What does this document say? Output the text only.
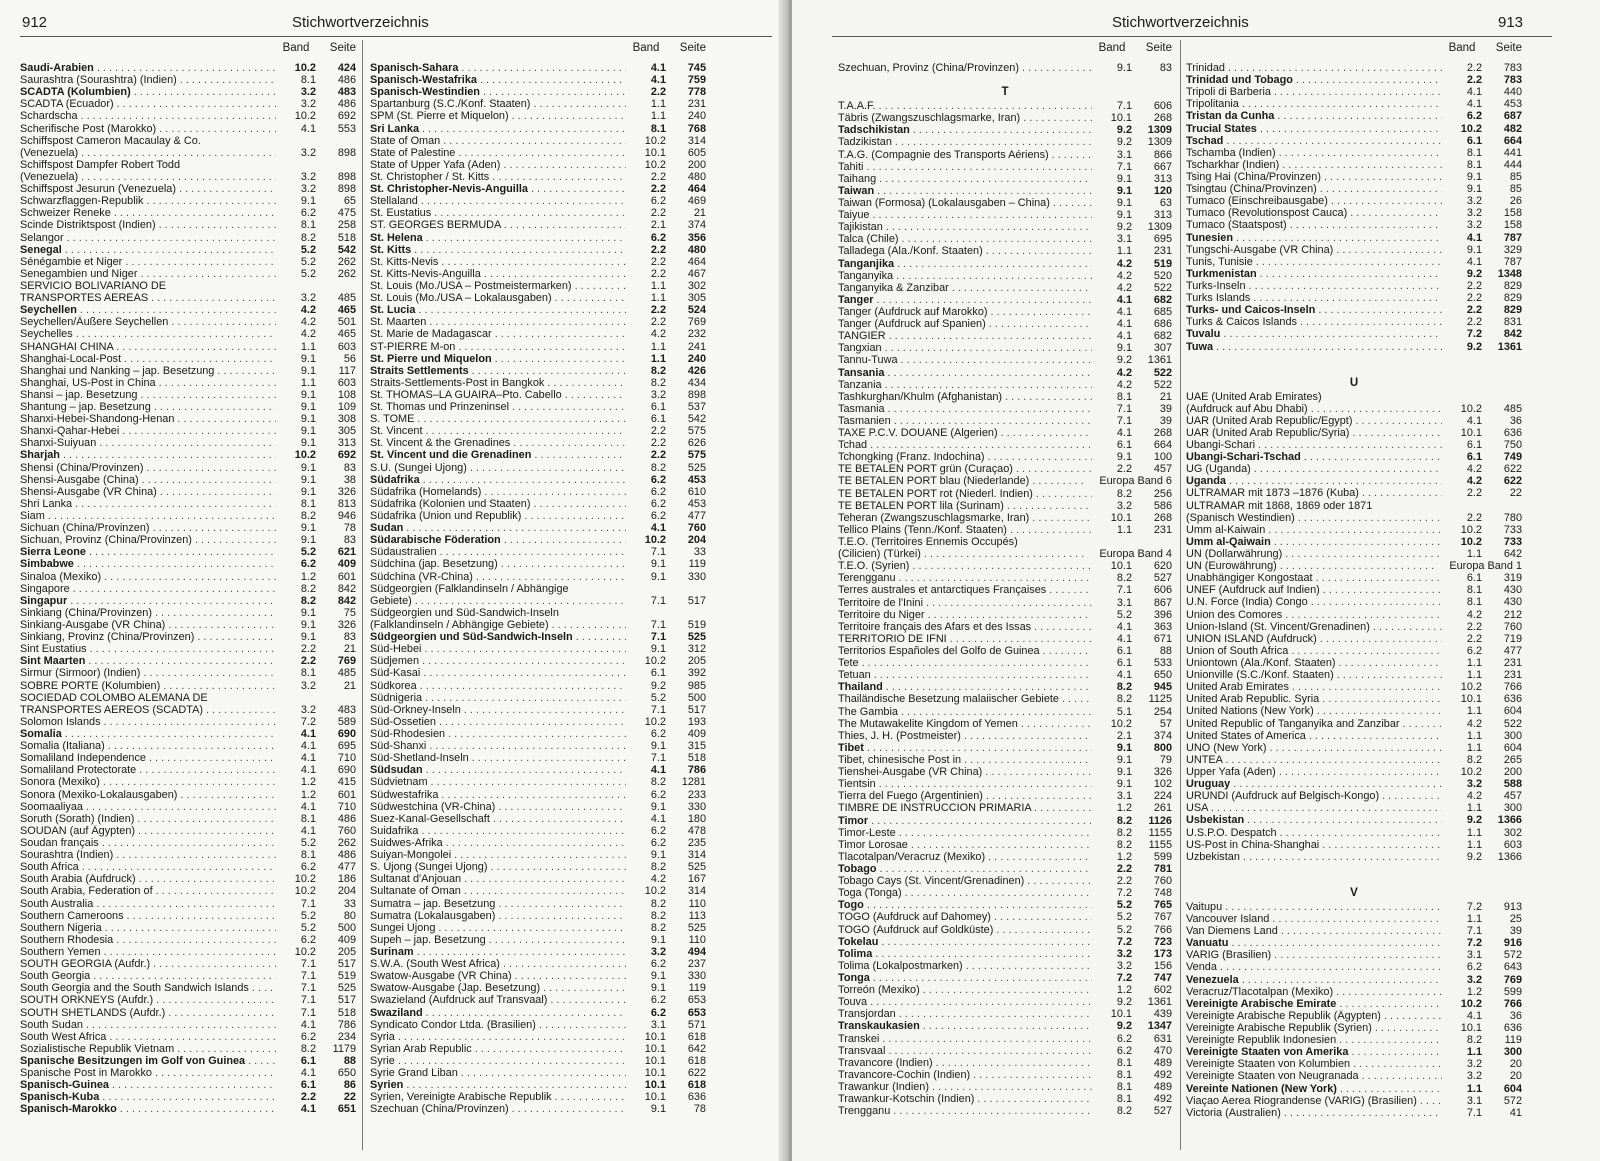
912	Stichwortverzeichnis
Band	Seite
Saudi-Arabien . . .	10.2	424
Saurashtra (Sourashtra) (Indien) . . .	8.1	486
SCADTA (Kolumbien) . . .	3.2	483
SCADTA (Ecuador) . . .	3.2	486
Schardscha . . .	10.2	692
Scherifische Post (Marokko) . . .	4.1	553
Schiffspost Cameron Macaulay & Co.
(Venezuela) . . .	3.2	898
Schiffspost Dampfer Robert Todd
(Venezuela) . . .	3.2	898
Schiffspost Jesurun (Venezuela) . . .	3.2	898
Schwarzflaggen-Republik . . .	9.1	65
Schweizer Reneke . . .	6.2	475
Scinde Distriktspost (Indien) . . .	8.1	258
Selangor . . .	8.2	518
Senegal . . .	5.2	542
Sénégambie et Niger . . .	5.2	262
Senegambien und Niger . . .	5.2	262
SERVICIO BOLIVARIANO DE
TRANSPORTES AEREAS . . .	3.2	485
Seychellen . . .	4.2	465
Seychellen/Äußere Seychellen . . .	4.2	501
Seychelles . . .	4.2	465
SHANGHAI CHINA . . .	1.1	603
Shanghai-Local-Post . . .	9.1	56
Shanghai und Nanking – jap. Besetzung . . .	9.1	117
Shanghai, US-Post in China . . .	1.1	603
Shansi – jap. Besetzung . . .	9.1	108
Shantung – jap. Besetzung . . .	9.1	109
Shanxi-Hebei-Shandong-Henan . . .	9.1	308
Shanxi-Qahar-Hebei . . .	9.1	305
Shanxi-Suiyuan . . .	9.1	313
Sharjah . . .	10.2	692
Shensi (China/Provinzen) . . .	9.1	83
Shensi-Ausgabe (China) . . .	9.1	38
Shensi-Ausgabe (VR China) . . .	9.1	326
Shri Lanka . . .	8.1	813
Siam . . .	8.2	946
Sichuan (China/Provinzen) . . .	9.1	78
Sichuan, Provinz (China/Provinzen) . . .	9.1	83
Sierra Leone . . .	5.2	621
Simbabwe . . .	6.2	409
Sinaloa (Mexiko) . . .	1.2	601
Singapore . . .	8.2	842
Singapur . . .	8.2	842
Sinkiang (China/Provinzen) . . .	9.1	75
Sinkiang-Ausgabe (VR China) . . .	9.1	326
Sinkiang, Provinz (China/Provinzen) . . .	9.1	83
Sint Eustatius . . .	2.2	21
Sint Maarten . . .	2.2	769
Sirmur (Sirmoor) (Indien) . . .	8.1	485
SOBRE PORTE (Kolumbien) . . .	3.2	21
SOCIEDAD COLOMBO ALEMANA DE
TRANSPORTES AEREOS (SCADTA) . . .	3.2	483
Solomon Islands . . .	7.2	589
Somalia . . .	4.1	690
Somalia (Italiana) . . .	4.1	695
Somaliland Independence . . .	4.1	710
Somaliland Protectorate . . .	4.1	690
Sonora (Mexiko) . . .	1.2	415
Sonora (Mexiko-Lokalausgaben) . . .	1.2	601
Soomaaliyaa . . .	4.1	710
Soruth (Sorath) (Indien) . . .	8.1	486
SOUDAN (auf Ägypten) . . .	4.1	760
Soudan français . . .	5.2	262
Sourashtra (Indien) . . .	8.1	486
South Africa . . .	6.2	477
South Arabia (Aufdruck) . . .	10.2	186
South Arabia, Federation of . . .	10.2	204
South Australia . . .	7.1	33
Southern Cameroons . . .	5.2	80
Southern Nigeria . . .	5.2	500
Southern Rhodesia . . .	6.2	409
Southern Yemen . . .	10.2	205
SOUTH GEORGIA (Aufdr.) . . .	7.1	517
South Georgia . . .	7.1	519
South Georgia and the South Sandwich Islands . . .	7.1	525
SOUTH ORKNEYS (Aufdr.) . . .	7.1	517
SOUTH SHETLANDS (Aufdr.) . . .	7.1	518
South Sudan . . .	4.1	786
South West Africa . . .	6.2	234
Sozialistische Republik Vietnam . . .	8.2	1179
Spanische Besitzungen im Golf von Guinea . . .	6.1	88
Spanische Post in Marokko . . .	4.1	650
Spanisch-Guinea . . .	6.1	86
Spanisch-Kuba . . .	2.2	22
Spanisch-Marokko . . .	4.1	651
Band	Seite
Spanisch-Sahara . . .	4.1	745
Spanisch-Westafrika . . .	4.1	759
Spanisch-Westindien . . .	2.2	778
Spartanburg (S.C./Konf. Staaten) . . .	1.1	231
SPM (St. Pierre et Miquelon) . . .	1.1	240
Sri Lanka . . .	8.1	768
State of Oman . . .	10.2	314
State of Palestine . . .	10.1	605
State of Upper Yafa (Aden) . . .	10.2	200
St. Christopher / St. Kitts . . .	2.2	480
St. Christopher-Nevis-Anguilla . . .	2.2	464
Stellaland . . .	6.2	469
St. Eustatius . . .	2.2	21
ST. GEORGES BERMUDA . . .	2.1	374
St. Helena . . .	6.2	356
St. Kitts . . .	2.2	480
St. Kitts-Nevis . . .	2.2	464
St. Kitts-Nevis-Anguilla . . .	2.2	467
St. Louis (Mo./USA – Postmeistermarken) . . .	1.1	302
St. Louis (Mo./USA – Lokalausgaben) . . .	1.1	305
St. Lucia . . .	2.2	524
St. Maarten . . .	2.2	769
St. Marie de Madagascar . . .	4.2	232
ST-PIERRE M-on . . .	1.1	241
St. Pierre und Miquelon . . .	1.1	240
Straits Settlements . . .	8.2	426
Straits-Settlements-Post in Bangkok . . .	8.2	434
St. THOMAS–LA GUAIRA–Pto. Cabello . . .	3.2	898
St. Thomas und Prinzeninsel . . .	6.1	537
S. TOME . . .	6.1	542
St. Vincent . . .	2.2	575
St. Vincent & the Grenadines . . .	2.2	626
St. Vincent und die Grenadinen . . .	2.2	575
S.U. (Sungei Ujong) . . .	8.2	525
Südafrika . . .	6.2	453
Südafrika (Homelands) . . .	6.2	610
Südafrika (Kolonien und Staaten) . . .	6.2	453
Südafrika (Union und Republik) . . .	6.2	477
Sudan . . .	4.1	760
Südarabische Föderation . . .	10.2	204
Südaustralien . . .	7.1	33
Südchina (jap. Besetzung) . . .	9.1	119
Südchina (VR-China) . . .	9.1	330
Südgeorgien (Falklandinseln / Abhängige
Gebiete) . . .	7.1	517
Südgeorgien und Süd-Sandwich-Inseln
(Falklandinseln / Abhängige Gebiete) . . .	7.1	519
Südgeorgien und Süd-Sandwich-Inseln . . .	7.1	525
Süd-Hebei . . .	9.1	312
Südjemen . . .	10.2	205
Süd-Kasai . . .	6.1	392
Südkorea . . .	9.2	985
Südnigeria . . .	5.2	500
Süd-Orkney-Inseln . . .	7.1	517
Süd-Ossetien . . .	10.2	193
Süd-Rhodesien . . .	6.2	409
Süd-Shanxi . . .	9.1	315
Süd-Shetland-Inseln . . .	7.1	518
Südsudan . . .	4.1	786
Südvietnam . . .	8.2	1281
Südwestafrika . . .	6.2	233
Südwestchina (VR-China) . . .	9.1	330
Suez-Kanal-Gesellschaft . . .	4.1	180
Suidafrika . . .	6.2	478
Suidwes-Afrika . . .	6.2	235
Suiyan-Mongolei . . .	9.1	314
S. Ujong (Sungei Ujong) . . .	8.2	525
Sultanat d'Anjouan . . .	4.2	167
Sultanate of Oman . . .	10.2	314
Sumatra – jap. Besetzung . . .	8.2	110
Sumatra (Lokalausgaben) . . .	8.2	113
Sungei Ujong . . .	8.2	525
Supeh – jap. Besetzung . . .	9.1	110
Surinam . . .	3.2	494
S.W.A. (South West Africa) . . .	6.2	237
Swatow-Ausgabe (VR China) . . .	9.1	330
Swatow-Ausgabe (Jap. Besetzung) . . .	9.1	119
Swazieland (Aufdruck auf Transvaal) . . .	6.2	653
Swaziland . . .	6.2	653
Syndicato Condor Ltda. (Brasilien) . . .	3.1	571
Syria . . .	10.1	618
Syrian Arab Republic . . .	10.1	642
Syrie . . .	10.1	618
Syrie Grand Liban . . .	10.1	622
Syrien . . .	10.1	618
Syrien, Vereinigte Arabische Republik . . .	10.1	636
Szechuan (China/Provinzen) . . .	9.1	78
Stichwortverzeichnis	913
Band	Seite
Szechuan, Provinz (China/Provinzen) . . .	9.1	83
T
T.A.A.F. . . .	7.1	606
Täbris (Zwangszuschlagsmarke, Iran) . . .	10.1	268
Tadschikistan . . .	9.2	1309
Tadzikistan . . .	9.2	1309
T.A.G. (Compagnie des Transports Aériens) . . .	3.1	866
Tahiti . . .	7.1	667
Taihang . . .	9.1	313
Taiwan . . .	9.1	120
Taiwan (Formosa) (Lokalausgaben – China) . . .	9.1	63
Taiyue . . .	9.1	313
Tajikistan . . .	9.2	1309
Talca (Chile) . . .	3.1	695
Talladega (Ala./Konf. Staaten) . . .	1.1	231
Tanganjika . . .	4.2	519
Tanganyika . . .	4.2	520
Tanganyika & Zanzibar . . .	4.2	522
Tanger . . .	4.1	682
Tanger (Aufdruck auf Marokko) . . .	4.1	685
Tanger (Aufdruck auf Spanien) . . .	4.1	686
TANGIER . . .	4.1	682
Tangxian . . .	9.1	307
Tannu-Tuwa . . .	9.2	1361
Tansania . . .	4.2	522
Tanzania . . .	4.2	522
Tashkurghan/Khulm (Afghanistan) . . .	8.1	21
Tasmania . . .	7.1	39
Tasmanien . . .	7.1	39
TAXE P.C.V. DOUANE (Algerien) . . .	4.1	268
Tchad . . .	6.1	664
Tchongking (Franz. Indochina) . . .	9.1	100
TE BETALEN PORT grün (Curaçao) . . .	2.2	457
TE BETALEN PORT blau (Niederlande) . . .	Europa Band 6
TE BETALEN PORT rot (Niederl. Indien) . . .	8.2	256
TE BETALEN PORT lila (Surinam) . . .	3.2	586
Teheran (Zwangszuschlagsmarke, Iran) . . .	10.1	268
Tellico Plains (Tenn./Konf. Staaten) . . .	1.1	231
T.E.O. (Territoires Ennemis Occupés)
(Cilicien) (Türkei) . . .	Europa Band 4
T.E.O. (Syrien) . . .	10.1	620
Terengganu . . .	8.2	527
Terres australes et antarctiques Françaises . . .	7.1	606
Territoire de l'Inini . . .	3.1	867
Territoire du Niger . . .	5.2	396
Territoire français des Afars et des Issas . . .	4.1	363
TERRITORIO DE IFNI . . .	4.1	671
Territorios Españoles del Golfo de Guinea . . .	6.1	88
Tete . . .	6.1	533
Tetuan . . .	4.1	650
Thailand . . .	8.2	945
Thailändische Besetzung malaiischer Gebiete . . .	8.2	1125
The Gambia . . .	5.1	254
The Mutawakelite Kingdom of Yemen . . .	10.2	57
Thies, J. H. (Postmeister) . . .	2.1	374
Tibet . . .	9.1	800
Tibet, chinesische Post in . . .	9.1	79
Tienshei-Ausgabe (VR China) . . .	9.1	326
Tientsin . . .	9.1	102
Tierra del Fuego (Argentinien) . . .	3.1	224
TIMBRE DE INSTRUCCION PRIMARIA . . .	1.2	261
Timor . . .	8.2	1126
Timor-Leste . . .	8.2	1155
Timor Lorosae . . .	8.2	1155
Tlacotalpan/Veracruz (Mexiko) . . .	1.2	599
Tobago . . .	2.2	781
Tobago Cays (St. Vincent/Grenadinen) . . .	2.2	760
Toga (Tonga) . . .	7.2	748
Togo . . .	5.2	765
TOGO (Aufdruck auf Dahomey) . . .	5.2	767
TOGO (Aufdruck auf Goldküste) . . .	5.2	766
Tokelau . . .	7.2	723
Tolima . . .	3.2	173
Tolima (Lokalpostmarken) . . .	3.2	156
Tonga . . .	7.2	747
Torreón (Mexiko) . . .	1.2	602
Touva . . .	9.2	1361
Transjordan . . .	10.1	439
Transkaukasien . . .	9.2	1347
Transkei . . .	6.2	631
Transvaal . . .	6.2	470
Travancore (Indien) . . .	8.1	489
Travancore-Cochin (Indien) . . .	8.1	492
Trawankur (Indien) . . .	8.1	489
Trawankur-Kotschin (Indien) . . .	8.1	492
Trengganu . . .	8.2	527
Band	Seite
Trinidad . . .	2.2	783
Trinidad und Tobago . . .	2.2	783
Tripoli di Barberia . . .	4.1	440
Tripolitania . . .	4.1	453
Tristan da Cunha . . .	6.2	687
Trucial States . . .	10.2	482
Tschad . . .	6.1	664
Tschamba (Indien) . . .	8.1	441
Tscharkhar (Indien) . . .	8.1	444
Tsing Hai (China/Provinzen) . . .	9.1	85
Tsingtau (China/Provinzen) . . .	9.1	85
Tumaco (Einschreibausgabe) . . .	3.2	26
Tumaco (Revolutionspost Cauca) . . .	3.2	158
Tumaco (Staatspost) . . .	3.2	158
Tunesien . . .	4.1	787
Tungschi-Ausgabe (VR China) . . .	9.1	329
Tunis, Tunisie . . .	4.1	787
Turkmenistan . . .	9.2	1348
Turks-Inseln . . .	2.2	829
Turks Islands . . .	2.2	829
Turks- und Caicos-Inseln . . .	2.2	829
Turks & Caicos Islands . . .	2.2	831
Tuvalu . . .	7.2	842
Tuwa . . .	9.2	1361
U
UAE (United Arab Emirates)
(Aufdruck auf Abu Dhabi) . . .	10.2	485
UAR (United Arab Republic/Egypt) . . .	4.1	36
UAR (United Arab Republic/Syria) . . .	10.1	636
Ubangi-Schari . . .	6.1	750
Ubangi-Schari-Tschad . . .	6.1	749
UG (Uganda) . . .	4.2	622
Uganda . . .	4.2	622
ULTRAMAR mit 1873 –1876 (Kuba) . . .	2.2	22
ULTRAMAR mit 1868, 1869 oder 1871
(Spanisch Westindien) . . .	2.2	780
Umm al-Kaiwain . . .	10.2	733
Umm al-Qaiwain . . .	10.2	733
UN (Dollarwährung) . . .	1.1	642
UN (Eurowährung) . . .	Europa Band 1
Unabhängiger Kongostaat . . .	6.1	319
UNEF (Aufdruck auf Indien) . . .	8.1	430
U.N. Force (India) Congo . . .	8.1	430
Union des Comores . . .	4.2	212
Union-Island (St. Vincent/Grenadinen) . . .	2.2	760
UNION ISLAND (Aufdruck) . . .	2.2	719
Union of South Africa . . .	6.2	477
Uniontown (Ala./Konf. Staaten) . . .	1.1	231
Unionville (S.C./Konf. Staaten) . . .	1.1	231
United Arab Emirates . . .	10.2	766
United Arab Republic. Syria . . .	10.1	636
United Nations (New York) . . .	1.1	604
United Republic of Tanganyika and Zanzibar . . .	4.2	522
United States of America . . .	1.1	300
UNO (New York) . . .	1.1	604
UNTEA . . .	8.2	265
Upper Yafa (Aden) . . .	10.2	200
Uruguay . . .	3.2	588
URUNDI (Aufdruck auf Belgisch-Kongo) . . .	4.2	457
USA . . .	1.1	300
Usbekistan . . .	9.2	1366
U.S.P.O. Despatch . . .	1.1	302
US-Post in China-Shanghai . . .	1.1	603
Uzbekistan . . .	9.2	1366
V
Vaitupu . . .	7.2	913
Vancouver Island . . .	1.1	25
Van Diemens Land . . .	7.1	39
Vanuatu . . .	7.2	916
VARIG (Brasilien) . . .	3.1	572
Venda . . .	6.2	643
Venezuela . . .	3.2	769
Veracruz/Tlacotalpan (Mexiko) . . .	1.2	599
Vereinigte Arabische Emirate . . .	10.2	766
Vereinigte Arabische Republik (Ägypten) . . .	4.1	36
Vereinigte Arabische Republik (Syrien) . . .	10.1	636
Vereinigte Republik Indonesien . . .	8.2	119
Vereinigte Staaten von Amerika . . .	1.1	300
Vereinigte Staaten von Kolumbien . . .	3.2	20
Vereinigte Staaten von Neugranada . . .	3.2	20
Vereinte Nationen (New York) . . .	1.1	604
Viaçao Aerea Riograndense (VARIG) (Brasilien) . . .	3.1	572
Victoria (Australien) . . .	7.1	41
